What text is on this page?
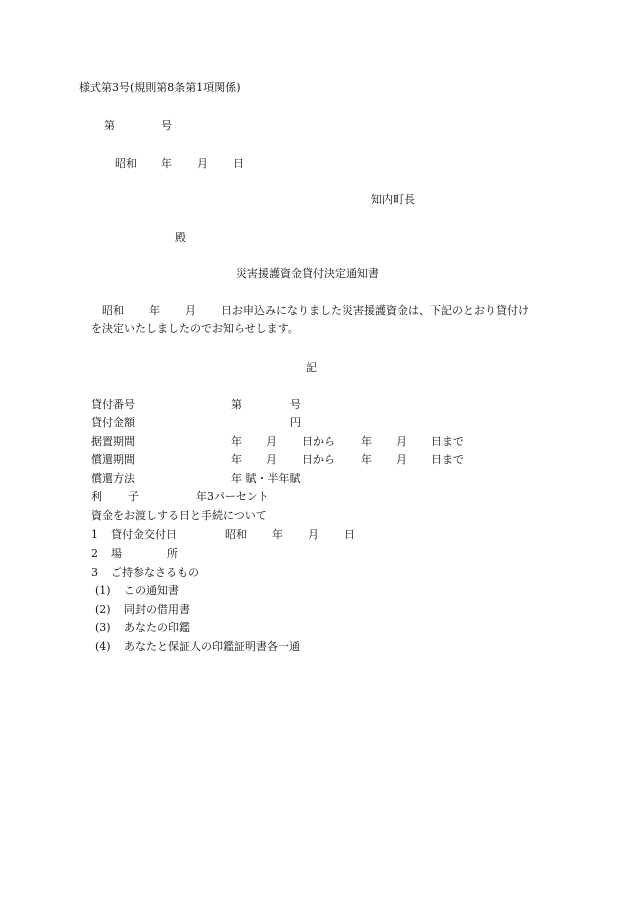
様式第3号(規則第8条第1項関係)
第	号
昭和 年 月 日
知内町長
殿
災害援護資金貸付決定通知書
昭和 年 月 日お申込みになりました災害援護資金は、下記のとおり貸付け
を決定いたしましたのでお知らせします。
記
貸付番号	第	号
貸付金額	円
据置期間	年 月 日から 年 月 日まで
償還期間	年 月 日から 年 月 日まで
償還方法	年 賦・半年賦
利 子	年3パーセント
資金をお渡しする日と手続について
1 貸付金交付日	昭和 年 月 日
2 場	所
3 ご持参なさるもの
(1) この通知書
(2) 同封の借用書
(3) あなたの印鑑
(4) あなたと保証人の印鑑証明書各一通
